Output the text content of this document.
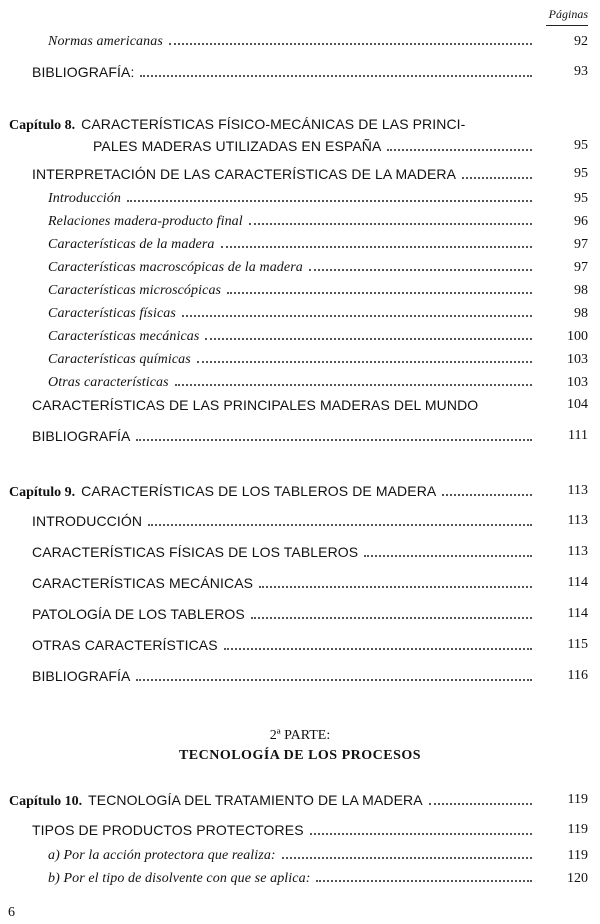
Páginas
Normas americanas	92
BIBLIOGRAFÍA:	93
Capítulo 8. CARACTERÍSTICAS FÍSICO-MECÁNICAS DE LAS PRINCI-
PALES MADERAS UTILIZADAS EN ESPAÑA	95
INTERPRETACIÓN DE LAS CARACTERÍSTICAS DE LA MADERA	95
Introducción	95
Relaciones madera-producto final	96
Características de la madera	97
Características macroscópicas de la madera	97
Características microscópicas	98
Características físicas	98
Características mecánicas	100
Características químicas	103
Otras características	103
CARACTERÍSTICAS DE LAS PRINCIPALES MADERAS DEL MUNDO	104
BIBLIOGRAFÍA	111
Capítulo 9. CARACTERÍSTICAS DE LOS TABLEROS DE MADERA	113
INTRODUCCIÓN	113
CARACTERÍSTICAS FÍSICAS DE LOS TABLEROS	113
CARACTERÍSTICAS MECÁNICAS	114
PATOLOGÍA DE LOS TABLEROS	114
OTRAS CARACTERÍSTICAS	115
BIBLIOGRAFÍA	116
2ª PARTE:
TECNOLOGÍA DE LOS PROCESOS
Capítulo 10. TECNOLOGÍA DEL TRATAMIENTO DE LA MADERA	119
TIPOS DE PRODUCTOS PROTECTORES	119
a) Por la acción protectora que realiza:	119
b) Por el tipo de disolvente con que se aplica:	120
6
